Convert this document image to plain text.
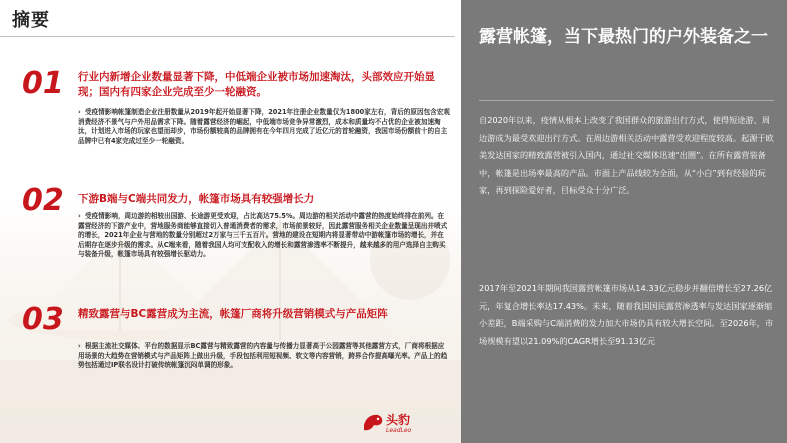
摘要
01 行业内新增企业数量显著下降，中低端企业被市场加速淘汰，头部效应开始显现；国内有四家企业完成至少一轮融资。
› 受疫情影响帐篷制造企业注册数量从2019年起开始显著下降，2021年注册企业数量仅为1800家左右，背后的原因包含宏观消费经济不景气与户外用品需求下降。随着露营经济的崛起，中低端市场竞争异常激烈，成本和质量均不占优的企业被加速淘汰，计划进入市场的玩家也望而却步，市场份额较高的品牌拥有在今年四月完成了近亿元的首轮融资，我国市场份额前十的自主品牌中已有4家完成过至少一轮融资。
02 下游B端与C端共同发力，帐篷市场具有较强增长力
› 受疫情影响，周边游的相较出国游、长途游更受欢迎，占比高达75.5%。周边游的相关活动中露营的热度始终排在前列。在露营经济的下游产业中，营地服务商能够直接切入普通消费者的需求，市场前景较好，因此露营服务相关企业数量呈现出井喷式的增长，2021年企业与营地的数量分别超过2万家与三千五百片。营地的建设在短期内将显著带动中游帐篷市场的增长，并在后期存在逐步升级的需求。从C端来看，随着我国人均可支配收入的增长和露营渗透率不断提升，越来越多的用户选择自主购买与装备升级，帐篷市场具有较强增长驱动力。
03 精致露营与BC露营成为主流，帐篷厂商将升级营销模式与产品矩阵
› 根据主流社交媒体、平台的数据显示BC露营与精致露营的内容量与传播力显著高于公园露营等其他露营方式，厂商将根据应用场景的大趋势在营销模式与产品矩阵上做出升级，手段包括利用短视频、软文等内容营销，跨界合作提高曝光率。产品上的趋势包括通过IP联名设计打破传统帐篷沉闷单调的形象。
头豹
LeadLeo
露营帐篷，当下最热门的户外装备之一
自2020年以来，疫情从根本上改变了我国群众的旅游出行方式，使得短途游、周边游成为最受欢迎出行方式。在周边游相关活动中露营受欢迎程度较高。起源于欧美发达国家的精致露营被引入国内，通过社交媒体迅速“出圈”。在所有露营装备中，帐篷是出场率最高的产品。市面上产品线较为全面，从“小白”到有经验的玩家，再到探险爱好者，目标受众十分广泛。
2017年至2021年期间我国露营帐篷市场从14.33亿元稳步并翻倍增长至27.26亿元，年复合增长率达17.43%。未来，随着我国国民露营渗透率与发达国家逐渐缩小差距，B端采购与C端消费的发力加大市场仍具有较大增长空间。至2026年，市场规模有望以21.09%的CAGR增长至91.13亿元
